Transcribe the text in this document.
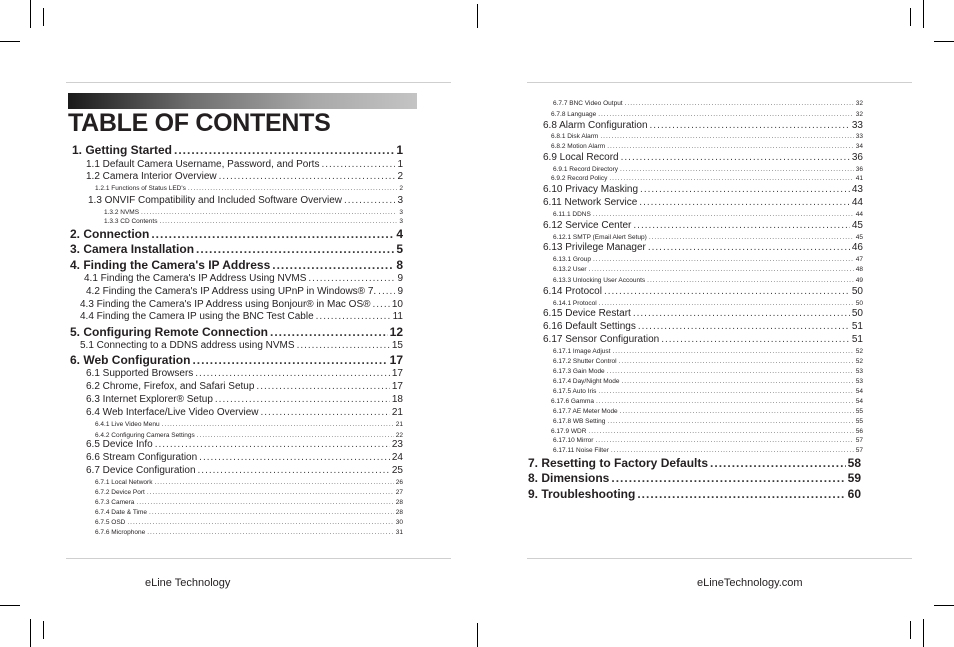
TABLE OF CONTENTS
1. Getting Started .....	1
1.1 Default Camera Username, Password, and Ports .....	1
1.2 Camera Interior Overview .....	2
1.2.1 Functions of Status LED's .....	2
1.3 ONVIF Compatibility and Included Software Overview .....	3
1.3.2 NVMS .....	3
1.3.3 CD Contents .....	3
2. Connection .....	4
3. Camera Installation .....	5
4. Finding the Camera's IP Address .....	8
4.1 Finding the Camera's IP Address Using NVMS .....	9
4.2 Finding the Camera's IP Address using UPnP in Windows® 7. ..... 9
4.3 Finding the Camera's IP Address using Bonjour® in Mac OS® ..... 10
4.4 Finding the Camera IP using the BNC Test Cable .....	11
5. Configuring Remote Connection .....	12
5.1 Connecting to a DDNS address using NVMS .....	15
6. Web Configuration .....	17
6.1 Supported Browsers .....	17
6.2 Chrome, Firefox, and Safari Setup .....	17
6.3 Internet Explorer® Setup .....	18
6.4 Web Interface/Live Video Overview .....	21
6.4.1 Live Video Menu .....	21
6.4.2 Configuring Camera Settings .....	22
6.5 Device Info .....	23
6.6 Stream Configuration .....	24
6.7 Device Configuration .....	25
6.7.1 Local Network .....	26
6.7.2 Device Port .....	27
6.7.3 Camera .....	28
6.7.4 Date & Time .....	28
6.7.5 OSD .....	30
6.7.6 Microphone .....	31
eLine Technology
6.7.7 BNC Video Output .....	32
6.7.8 Language .....	32
6.8 Alarm Configuration .....	33
6.8.1 Disk Alarm .....	33
6.8.2 Motion Alarm .....	34
6.9 Local Record .....	36
6.9.1 Record Directory .....	36
6.9.2 Record Policy .....	41
6.10 Privacy Masking .....	43
6.11 Network Service .....	44
6.11.1 DDNS .....	44
6.12 Service Center .....	45
6.12.1 SMTP (Email Alert Setup) .....	45
6.13 Privilege Manager .....	46
6.13.1 Group .....	47
6.13.2 User .....	48
6.13.3 Unlocking User Accounts .....	49
6.14 Protocol .....	50
6.14.1 Protocol .....	50
6.15 Device Restart .....	50
6.16 Default Settings .....	51
6.17 Sensor Configuration .....	51
6.17.1 Image Adjust .....	52
6.17.2 Shutter Control .....	52
6.17.3 Gain Mode .....	53
6.17.4 Day/Night Mode .....	53
6.17.5 Auto Iris .....	54
6.17.6 Gamma .....	54
6.17.7 AE Meter Mode .....	55
6.17.8 WB Setting .....	55
6.17.9 WDR .....	56
6.17.10 Mirror .....	57
6.17.11 Noise Filter .....	57
7. Resetting to Factory Defaults .....	58
8. Dimensions .....	59
9. Troubleshooting .....	60
eLineTechnology.com
